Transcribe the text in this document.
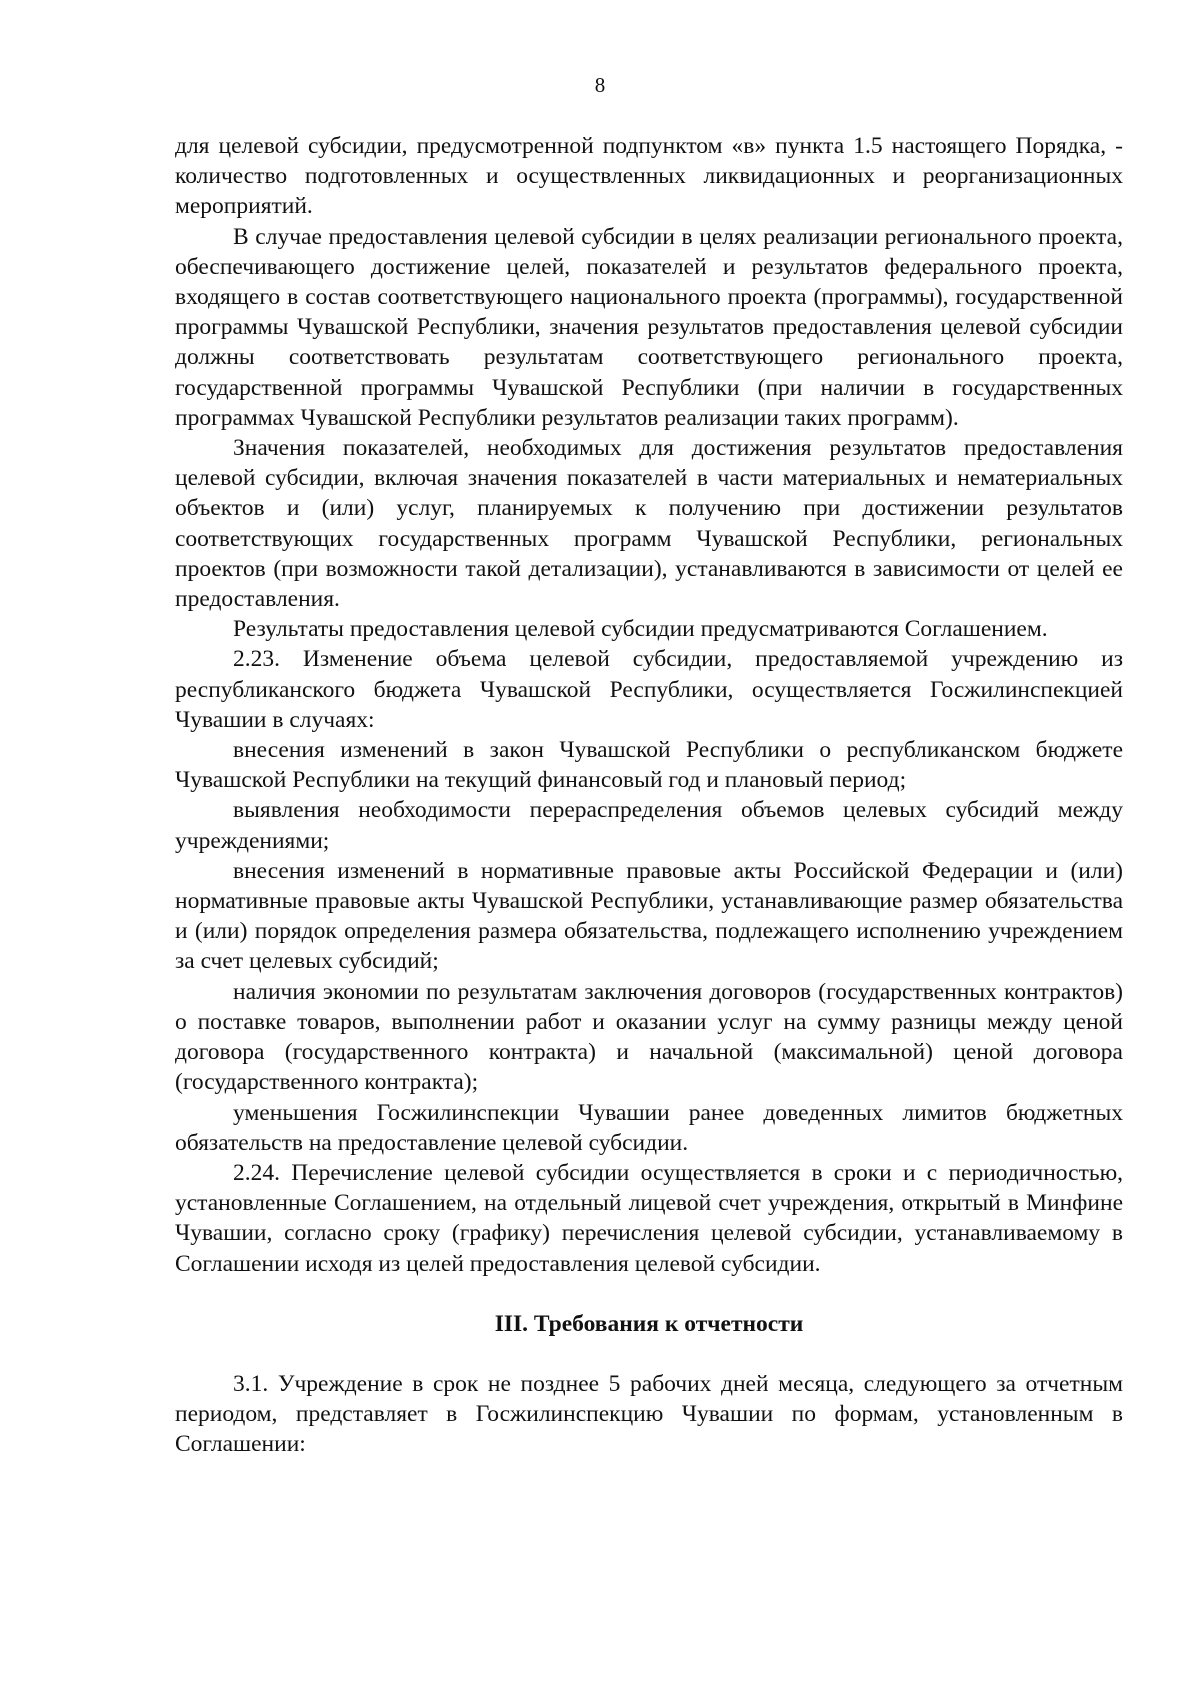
8

для целевой субсидии, предусмотренной подпунктом «в» пункта 1.5 настоящего Порядка, - количество подготовленных и осуществленных ликвидационных и реорганизационных мероприятий.

В случае предоставления целевой субсидии в целях реализации регионального проекта, обеспечивающего достижение целей, показателей и результатов федерального проекта, входящего в состав соответствующего национального проекта (программы), государственной программы Чувашской Республики, значения результатов предоставления целевой субсидии должны соответствовать результатам соответствующего регионального проекта, государственной программы Чувашской Республики (при наличии в государственных программах Чувашской Республики результатов реализации таких программ).

Значения показателей, необходимых для достижения результатов предоставления целевой субсидии, включая значения показателей в части материальных и нематериальных объектов и (или) услуг, планируемых к получению при достижении результатов соответствующих государственных программ Чувашской Республики, региональных проектов (при возможности такой детализации), устанавливаются в зависимости от целей ее предоставления.

Результаты предоставления целевой субсидии предусматриваются Соглашением.

2.23. Изменение объема целевой субсидии, предоставляемой учреждению из республиканского бюджета Чувашской Республики, осуществляется Госжилинспекцией Чувашии в случаях:

внесения изменений в закон Чувашской Республики о республиканском бюджете Чувашской Республики на текущий финансовый год и плановый период;

выявления необходимости перераспределения объемов целевых субсидий между учреждениями;

внесения изменений в нормативные правовые акты Российской Федерации и (или) нормативные правовые акты Чувашской Республики, устанавливающие размер обязательства и (или) порядок определения размера обязательства, подлежащего исполнению учреждением за счет целевых субсидий;

наличия экономии по результатам заключения договоров (государственных контрактов) о поставке товаров, выполнении работ и оказании услуг на сумму разницы между ценой договора (государственного контракта) и начальной (максимальной) ценой договора (государственного контракта);

уменьшения Госжилинспекции Чувашии ранее доведенных лимитов бюджетных обязательств на предоставление целевой субсидии.

2.24. Перечисление целевой субсидии осуществляется в сроки и с периодичностью, установленные Соглашением, на отдельный лицевой счет учреждения, открытый в Минфине Чувашии, согласно сроку (графику) перечисления целевой субсидии, устанавливаемому в Соглашении исходя из целей предоставления целевой субсидии.

III. Требования к отчетности

3.1. Учреждение в срок не позднее 5 рабочих дней месяца, следующего за отчетным периодом, представляет в Госжилинспекцию Чувашии по формам, установленным в Соглашении:
